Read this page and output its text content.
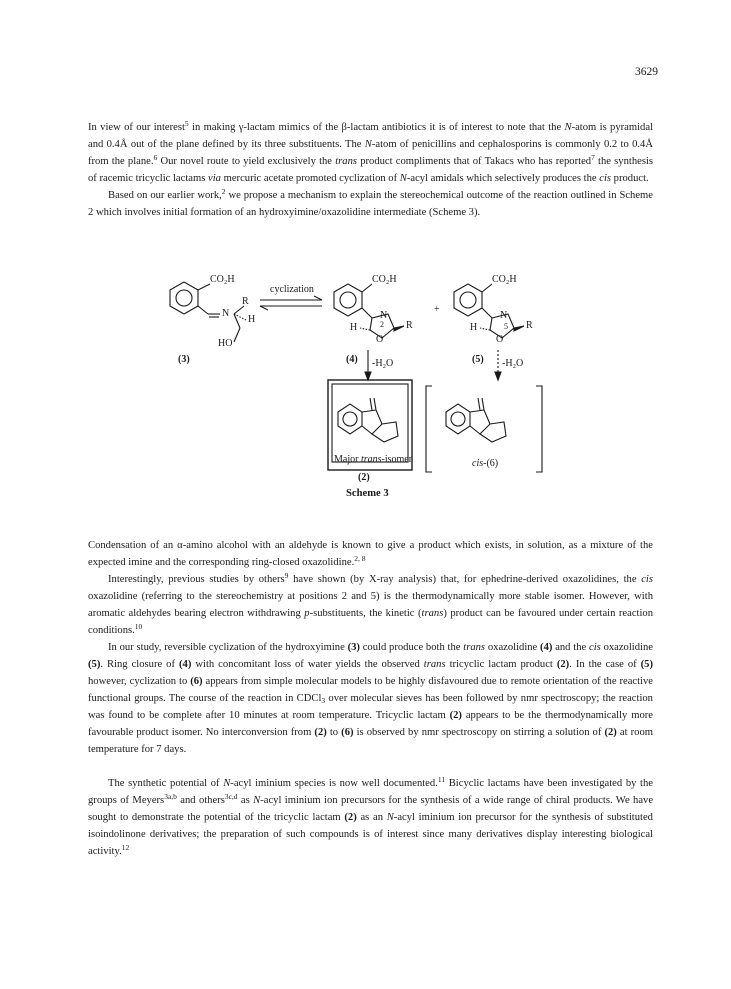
3629

In view of our interest$^5$ in making γ-lactam mimics of the β-lactam antibiotics it is of interest to note that the N-atom is pyramidal and 0.4Å out of the plane defined by its three substituents. The N-atom of penicillins and cephalosporins is commonly 0.2 to 0.4Å from the plane.$^6$ Our novel route to yield exclusively the trans product compliments that of Takacs who has reported$^7$ the synthesis of racemic tricyclic lactams via mercuric acetate promoted cyclization of N-acyl amidals which selectively produces the cis product.

Based on our earlier work,$^2$ we propose a mechanism to explain the stereochemical outcome of the reaction outlined in Scheme 2 which involves initial formation of an hydroxyimine/oxazolidine intermediate (Scheme 3).

CO₂H
N
R
H
HO
(3)
cyclization
CO₂H
N
R
O
H	2
(4) -H₂O
+
CO₂H
N
R
O
H	5
(5) -H₂O
Major trans-isomer
(2)
cis-(6)
Scheme 3

Condensation of an α-amino alcohol with an aldehyde is known to give a product which exists, in solution, as a mixture of the expected imine and the corresponding ring-closed oxazolidine.$^{2, 8}$

Interestingly, previous studies by others$^9$ have shown (by X-ray analysis) that, for ephedrine-derived oxazolidines, the cis oxazolidine (referring to the stereochemistry at positions 2 and 5) is the thermodynamically more stable isomer. However, with aromatic aldehydes bearing electron withdrawing p-substituents, the kinetic (trans) product can be favoured under certain reaction conditions.$^{10}$

In our study, reversible cyclization of the hydroxyimine (3) could produce both the trans oxazolidine (4) and the cis oxazolidine (5). Ring closure of (4) with concomitant loss of water yields the observed trans tricyclic lactam product (2). In the case of (5) however, cyclization to (6) appears from simple molecular models to be highly disfavoured due to remote orientation of the reactive functional groups. The course of the reaction in CDCl$_3$ over molecular sieves has been followed by nmr spectroscopy; the reaction was found to be complete after 10 minutes at room temperature. Tricyclic lactam (2) appears to be the thermodynamically more favourable product isomer. No interconversion from (2) to (6) is observed by nmr spectroscopy on stirring a solution of (2) at room temperature for 7 days.

The synthetic potential of N-acyl iminium species is now well documented.$^{11}$ Bicyclic lactams have been investigated by the groups of Meyers$^{3a,b}$ and others$^{3c,d}$ as N-acyl iminium ion precursors for the synthesis of a wide range of chiral products. We have sought to demonstrate the potential of the tricyclic lactam (2) as an N-acyl iminium ion precursor for the synthesis of substituted isoindolinone derivatives; the preparation of such compounds is of interest since many derivatives display interesting biological activity.$^{12}$
